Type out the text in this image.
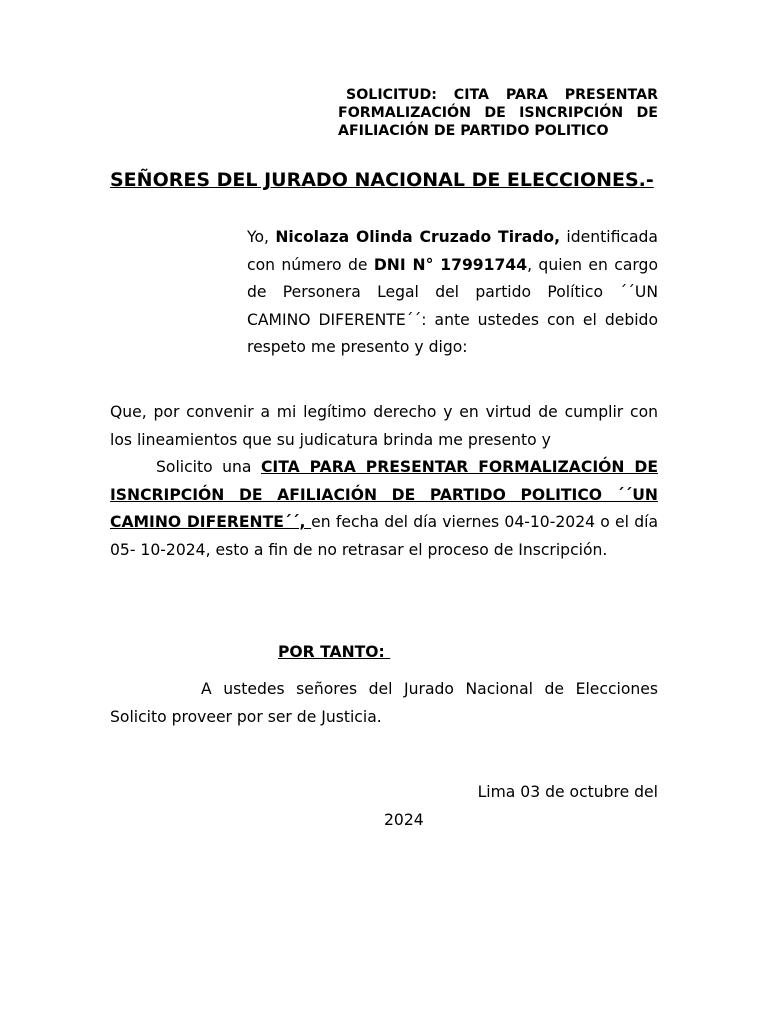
SOLICITUD: CITA PARA PRESENTAR FORMALIZACIÓN DE ISNCRIPCIÓN DE AFILIACIÓN DE PARTIDO POLITICO
SEÑORES DEL JURADO NACIONAL DE ELECCIONES.-
Yo, Nicolaza Olinda Cruzado Tirado, identificada con número de DNI N° 17991744, quien en cargo de Personera Legal del partido Político ´´UN CAMINO DIFERENTE´´: ante ustedes con el debido respeto me presento y digo:
Que, por convenir a mi legítimo derecho y en virtud de cumplir con los lineamientos que su judicatura brinda me presento y
Solicito una CITA PARA PRESENTAR FORMALIZACIÓN DE ISNCRIPCIÓN DE AFILIACIÓN DE PARTIDO POLITICO ´´UN CAMINO DIFERENTE´´, en fecha del día viernes 04-10-2024 o el día 05- 10-2024, esto a fin de no retrasar el proceso de Inscripción.
POR TANTO:
A ustedes señores del Jurado Nacional de Elecciones Solicito proveer por ser de Justicia.
Lima 03 de octubre del
2024
